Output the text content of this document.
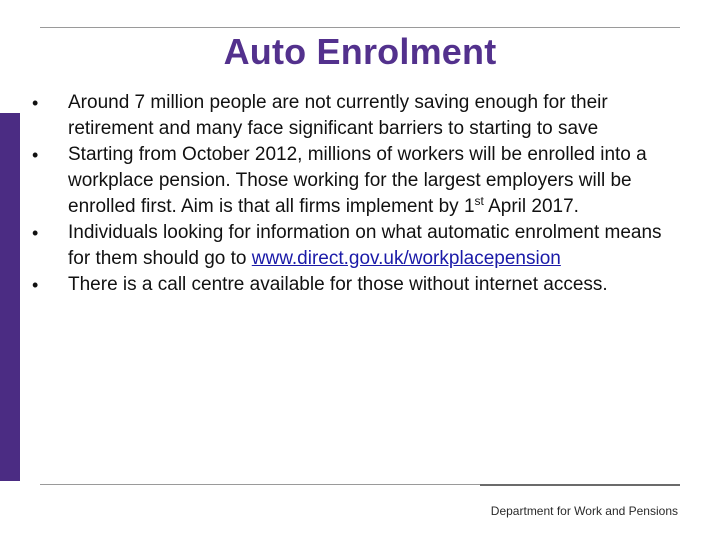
Auto Enrolment
•	Around 7 million people are not currently saving enough for their retirement and many face significant barriers to starting to save
•	Starting from October 2012, millions of workers will be enrolled into a workplace pension. Those working for the largest employers will be enrolled first. Aim is that all firms implement by 1st April 2017.
•	Individuals looking for information on what automatic enrolment means for them should go to www.direct.gov.uk/workplacepension
•	There is a call centre available for those without internet access.
Department for Work and Pensions
